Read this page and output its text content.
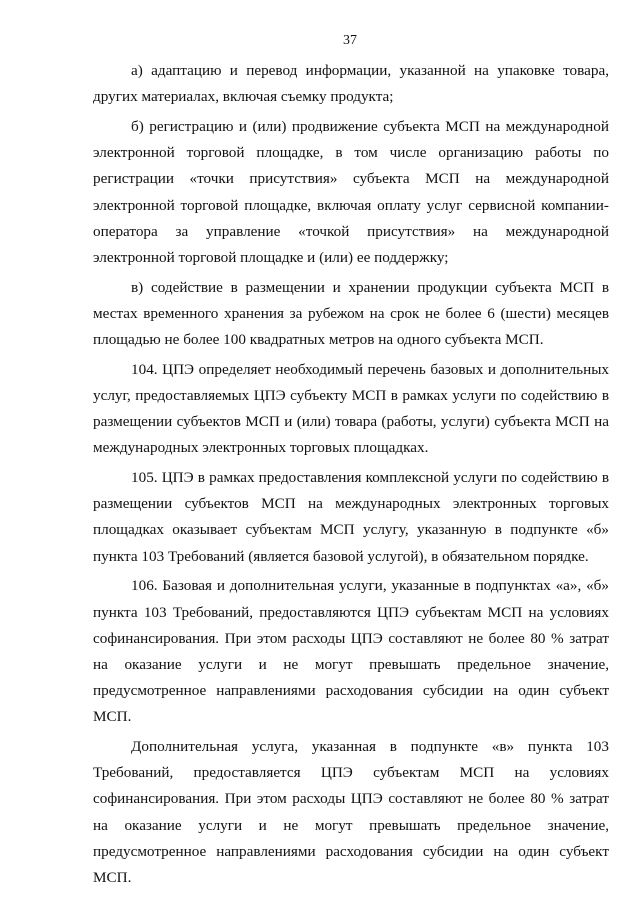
37

а) адаптацию и перевод информации, указанной на упаковке товара, других материалах, включая съемку продукта;

б) регистрацию и (или) продвижение субъекта МСП на международной электронной торговой площадке, в том числе организацию работы по регистрации «точки присутствия» субъекта МСП на международной электронной торговой площадке, включая оплату услуг сервисной компании-оператора за управление «точкой присутствия» на международной электронной торговой площадке и (или) ее поддержку;

в) содействие в размещении и хранении продукции субъекта МСП в местах временного хранения за рубежом на срок не более 6 (шести) месяцев площадью не более 100 квадратных метров на одного субъекта МСП.

104. ЦПЭ определяет необходимый перечень базовых и дополнительных услуг, предоставляемых ЦПЭ субъекту МСП в рамках услуги по содействию в размещении субъектов МСП и (или) товара (работы, услуги) субъекта МСП на международных электронных торговых площадках.

105. ЦПЭ в рамках предоставления комплексной услуги по содействию в размещении субъектов МСП на международных электронных торговых площадках оказывает субъектам МСП услугу, указанную в подпункте «б» пункта 103 Требований (является базовой услугой), в обязательном порядке.

106. Базовая и дополнительная услуги, указанные в подпунктах «а», «б» пункта 103 Требований, предоставляются ЦПЭ субъектам МСП на условиях софинансирования. При этом расходы ЦПЭ составляют не более 80 % затрат на оказание услуги и не могут превышать предельное значение, предусмотренное направлениями расходования субсидии на один субъект МСП.

Дополнительная услуга, указанная в подпункте «в» пункта 103 Требований, предоставляется ЦПЭ субъектам МСП на условиях софинансирования. При этом расходы ЦПЭ составляют не более 80 % затрат на оказание услуги и не могут превышать предельное значение, предусмотренное направлениями расходования субсидии на один субъект МСП.
